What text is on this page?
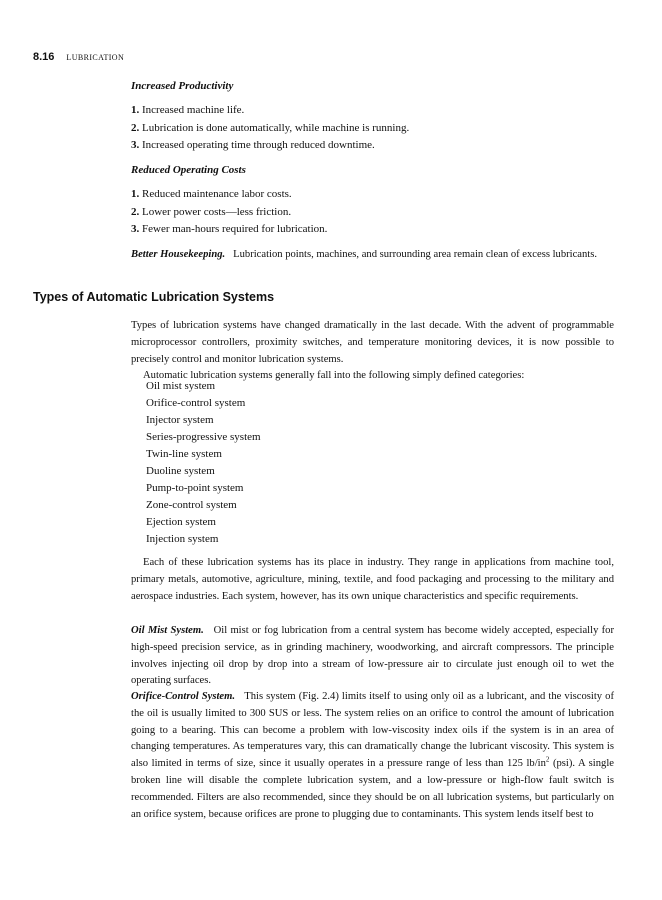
8.16 LUBRICATION
Increased Productivity
1. Increased machine life.
2. Lubrication is done automatically, while machine is running.
3. Increased operating time through reduced downtime.
Reduced Operating Costs
1. Reduced maintenance labor costs.
2. Lower power costs—less friction.
3. Fewer man-hours required for lubrication.
Better Housekeeping. Lubrication points, machines, and surrounding area remain clean of excess lubricants.
Types of Automatic Lubrication Systems
Types of lubrication systems have changed dramatically in the last decade. With the advent of programmable microprocessor controllers, proximity switches, and temperature monitoring devices, it is now possible to precisely control and monitor lubrication systems.
Automatic lubrication systems generally fall into the following simply defined categories:
Oil mist system
Orifice-control system
Injector system
Series-progressive system
Twin-line system
Duoline system
Pump-to-point system
Zone-control system
Ejection system
Injection system
Each of these lubrication systems has its place in industry. They range in applications from machine tool, primary metals, automotive, agriculture, mining, textile, and food packaging and processing to the military and aerospace industries. Each system, however, has its own unique characteristics and specific requirements.
Oil Mist System. Oil mist or fog lubrication from a central system has become widely accepted, especially for high-speed precision service, as in grinding machinery, woodworking, and aircraft compressors. The principle involves injecting oil drop by drop into a stream of low-pressure air to circulate just enough oil to wet the operating surfaces.
Orifice-Control System. This system (Fig. 2.4) limits itself to using only oil as a lubricant, and the viscosity of the oil is usually limited to 300 SUS or less. The system relies on an orifice to control the amount of lubrication going to a bearing. This can become a problem with low-viscosity index oils if the system is in an area of changing temperatures. As temperatures vary, this can dramatically change the lubricant viscosity. This system is also limited in terms of size, since it usually operates in a pressure range of less than 125 $lb/in^2$ (psi). A single broken line will disable the complete lubrication system, and a low-pressure or high-flow fault switch is recommended. Filters are also recommended, since they should be on all lubrication systems, but particularly on an orifice system, because orifices are prone to plugging due to contaminants. This system lends itself best to
